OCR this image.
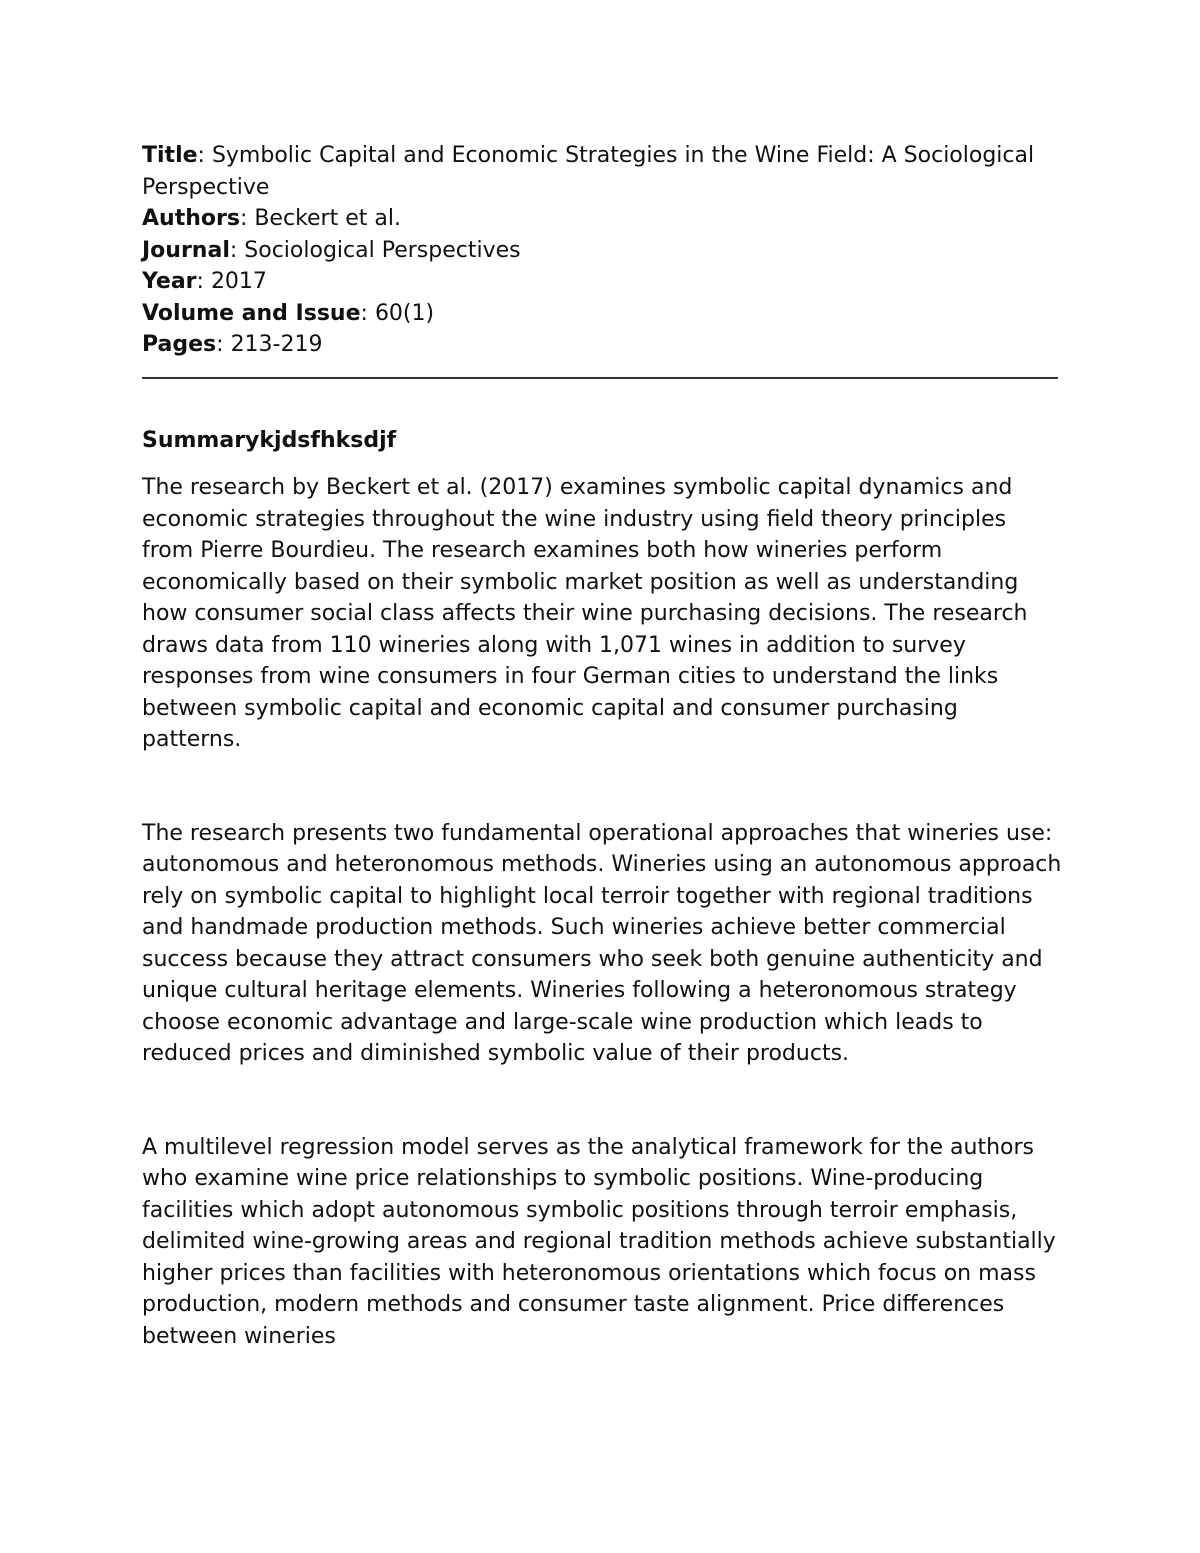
Title: Symbolic Capital and Economic Strategies in the Wine Field: A Sociological Perspective
Authors: Beckert et al.
Journal: Sociological Perspectives
Year: 2017
Volume and Issue: 60(1)
Pages: 213-219
Summarykjdsfhksdjf

The research by Beckert et al. (2017) examines symbolic capital dynamics and economic strategies throughout the wine industry using field theory principles from Pierre Bourdieu. The research examines both how wineries perform economically based on their symbolic market position as well as understanding how consumer social class affects their wine purchasing decisions. The research draws data from 110 wineries along with 1,071 wines in addition to survey responses from wine consumers in four German cities to understand the links between symbolic capital and economic capital and consumer purchasing patterns.

The research presents two fundamental operational approaches that wineries use: autonomous and heteronomous methods. Wineries using an autonomous approach rely on symbolic capital to highlight local terroir together with regional traditions and handmade production methods. Such wineries achieve better commercial success because they attract consumers who seek both genuine authenticity and unique cultural heritage elements. Wineries following a heteronomous strategy choose economic advantage and large-scale wine production which leads to reduced prices and diminished symbolic value of their products.

A multilevel regression model serves as the analytical framework for the authors who examine wine price relationships to symbolic positions. Wine-producing facilities which adopt autonomous symbolic positions through terroir emphasis, delimited wine-growing areas and regional tradition methods achieve substantially higher prices than facilities with heteronomous orientations which focus on mass production, modern methods and consumer taste alignment. Price differences between wineries
